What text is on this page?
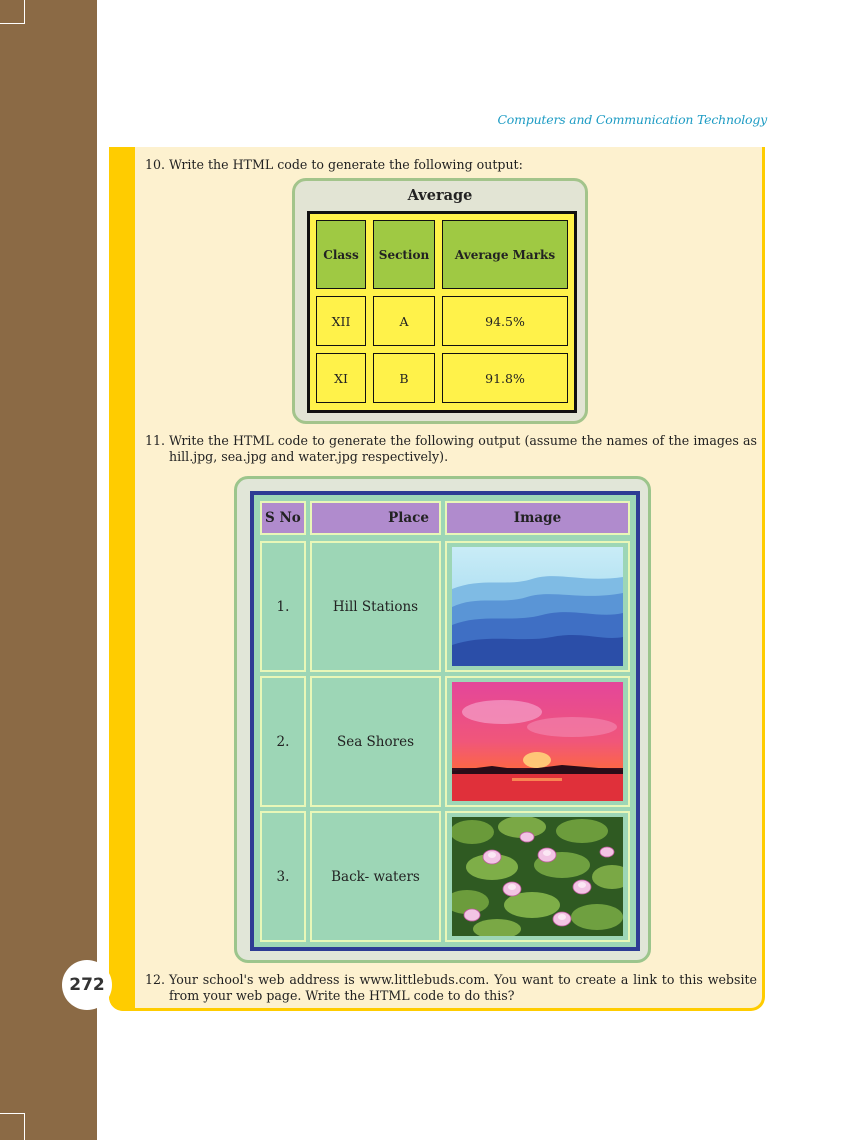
Computers and Communication Technology
10. Write the HTML code to generate the following output:
Average
Class	Section	Average Marks
XII	A	94.5%
XI	B	91.8%
11. Write the HTML code to generate the following output (assume the names of the images as hill.jpg, sea.jpg and water.jpg respectively).
S No	Place	Image
1.	Hill Stations
2.	Sea Shores
3.	Back- waters
272	12. Your school's web address is www.littlebuds.com. You want to create a link to this website from your web page. Write the HTML code to do this?
